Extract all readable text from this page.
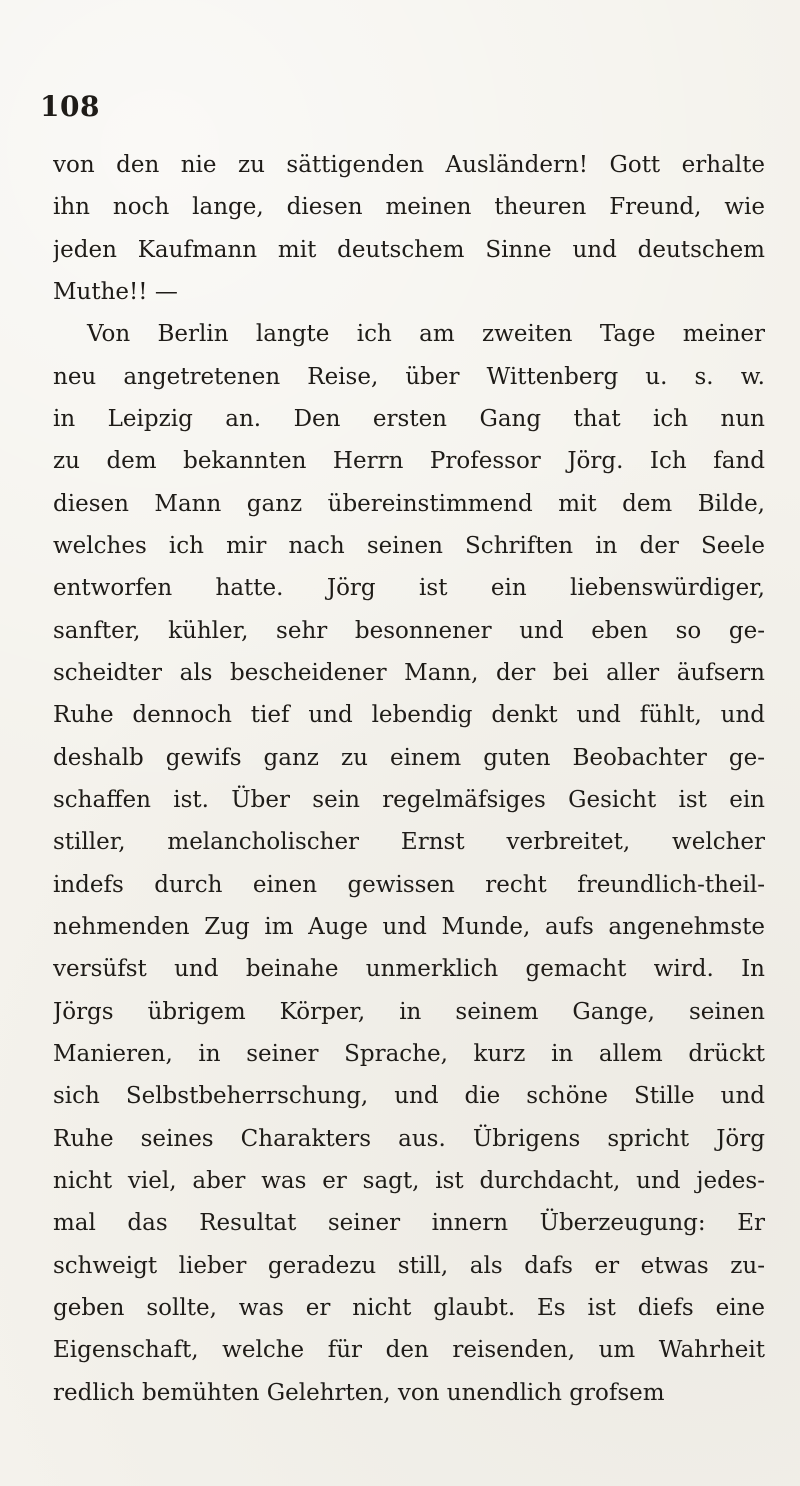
108
von den nie zu sättigenden Ausländern! Gott erhalte
ihn noch lange, diesen meinen theuren Freund, wie
jeden Kaufmann mit deutschem Sinne und deutschem
Muthe!! —
Von Berlin langte ich am zweiten Tage meiner
neu angetretenen Reise, über Wittenberg u. s. w.
in Leipzig an. Den ersten Gang that ich nun
zu dem bekannten Herrn Professor Jörg. Ich fand
diesen Mann ganz übereinstimmend mit dem Bilde,
welches ich mir nach seinen Schriften in der Seele
entworfen hatte. Jörg ist ein liebenswürdiger,
sanfter, kühler, sehr besonnener und eben so ge-
scheidter als bescheidener Mann, der bei aller äufsern
Ruhe dennoch tief und lebendig denkt und fühlt, und
deshalb gewifs ganz zu einem guten Beobachter ge-
schaffen ist. Über sein regelmäfsiges Gesicht ist ein
stiller, melancholischer Ernst verbreitet, welcher
indefs durch einen gewissen recht freundlich-theil-
nehmenden Zug im Auge und Munde, aufs angenehmste
versüfst und beinahe unmerklich gemacht wird. In
Jörgs übrigem Körper, in seinem Gange, seinen
Manieren, in seiner Sprache, kurz in allem drückt
sich Selbstbeherrschung, und die schöne Stille und
Ruhe seines Charakters aus. Übrigens spricht Jörg
nicht viel, aber was er sagt, ist durchdacht, und jedes-
mal das Resultat seiner innern Überzeugung: Er
schweigt lieber geradezu still, als dafs er etwas zu-
geben sollte, was er nicht glaubt. Es ist diefs eine
Eigenschaft, welche für den reisenden, um Wahrheit
redlich bemühten Gelehrten, von unendlich grofsem
